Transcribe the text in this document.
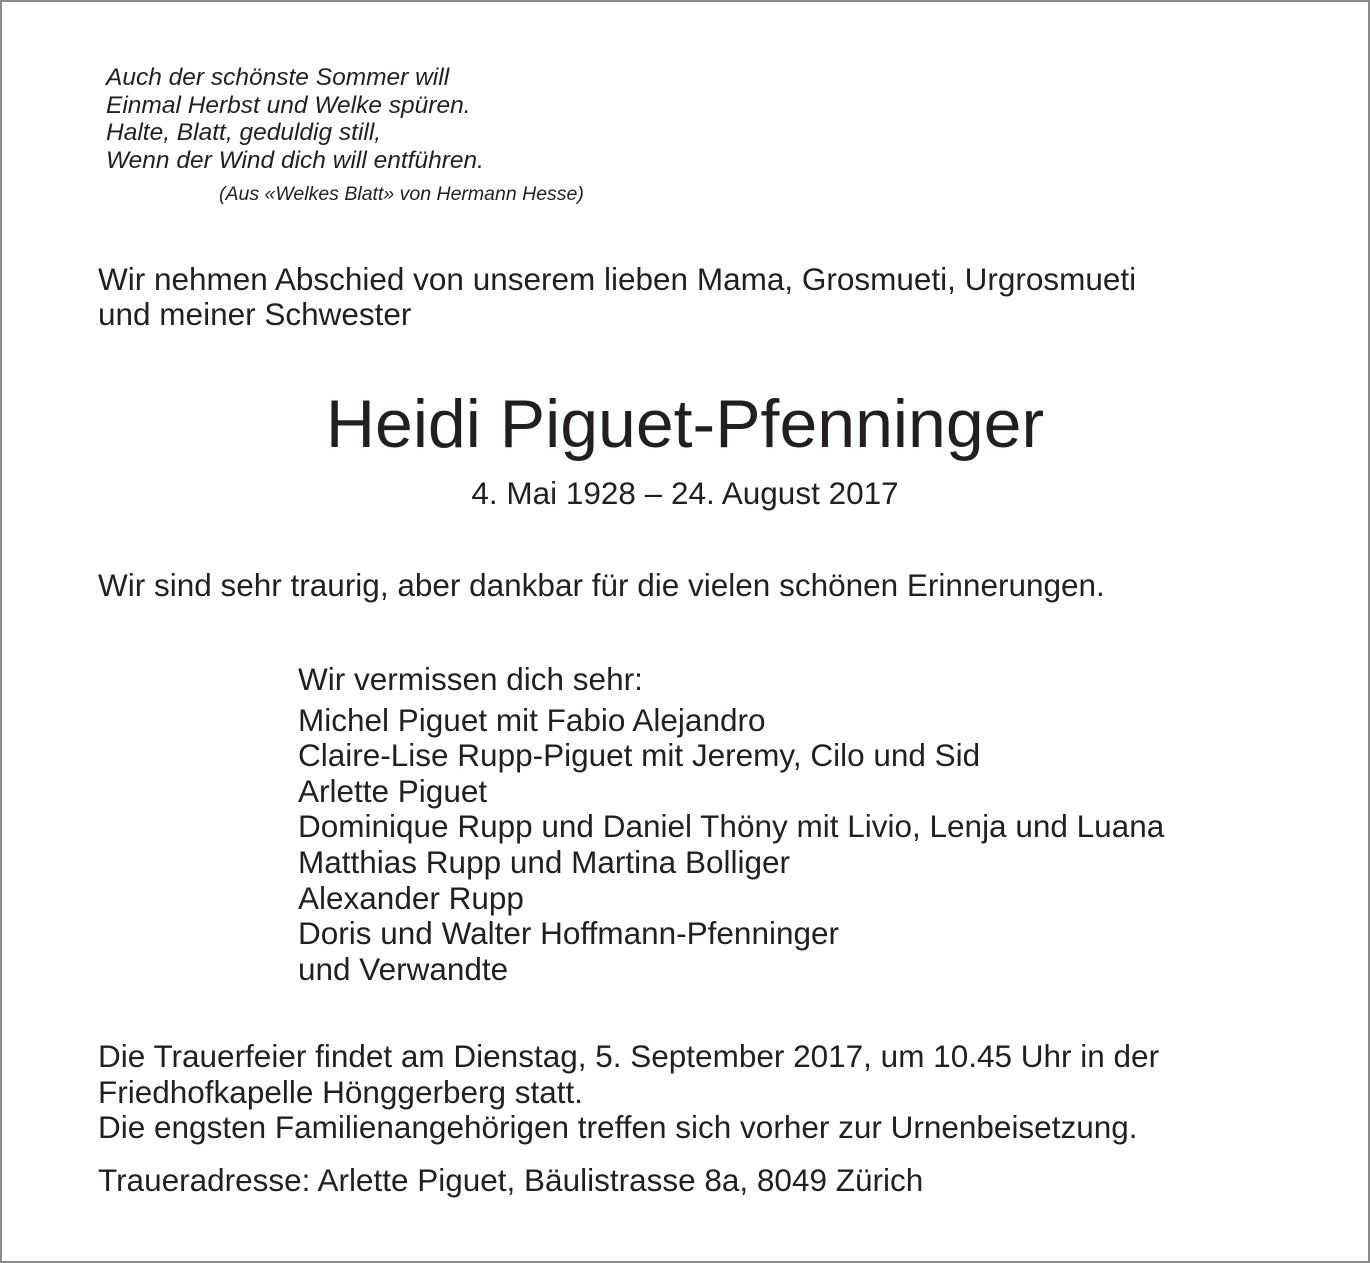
Auch der schönste Sommer will
Einmal Herbst und Welke spüren.
Halte, Blatt, geduldig still,
Wenn der Wind dich will entführen.
(Aus «Welkes Blatt» von Hermann Hesse)
Wir nehmen Abschied von unserem lieben Mama, Grosmueti, Urgrosmueti
und meiner Schwester
Heidi Piguet-Pfenninger
4. Mai 1928 – 24. August 2017
Wir sind sehr traurig, aber dankbar für die vielen schönen Erinnerungen.
Wir vermissen dich sehr:
Michel Piguet mit Fabio Alejandro
Claire-Lise Rupp-Piguet mit Jeremy, Cilo und Sid
Arlette Piguet
Dominique Rupp und Daniel Thöny mit Livio, Lenja und Luana
Matthias Rupp und Martina Bolliger
Alexander Rupp
Doris und Walter Hoffmann-Pfenninger
und Verwandte
Die Trauerfeier findet am Dienstag, 5. September 2017, um 10.45 Uhr in der
Friedhofkapelle Hönggerberg statt.
Die engsten Familienangehörigen treffen sich vorher zur Urnenbeisetzung.
Traueradresse: Arlette Piguet, Bäulistrasse 8a, 8049 Zürich
